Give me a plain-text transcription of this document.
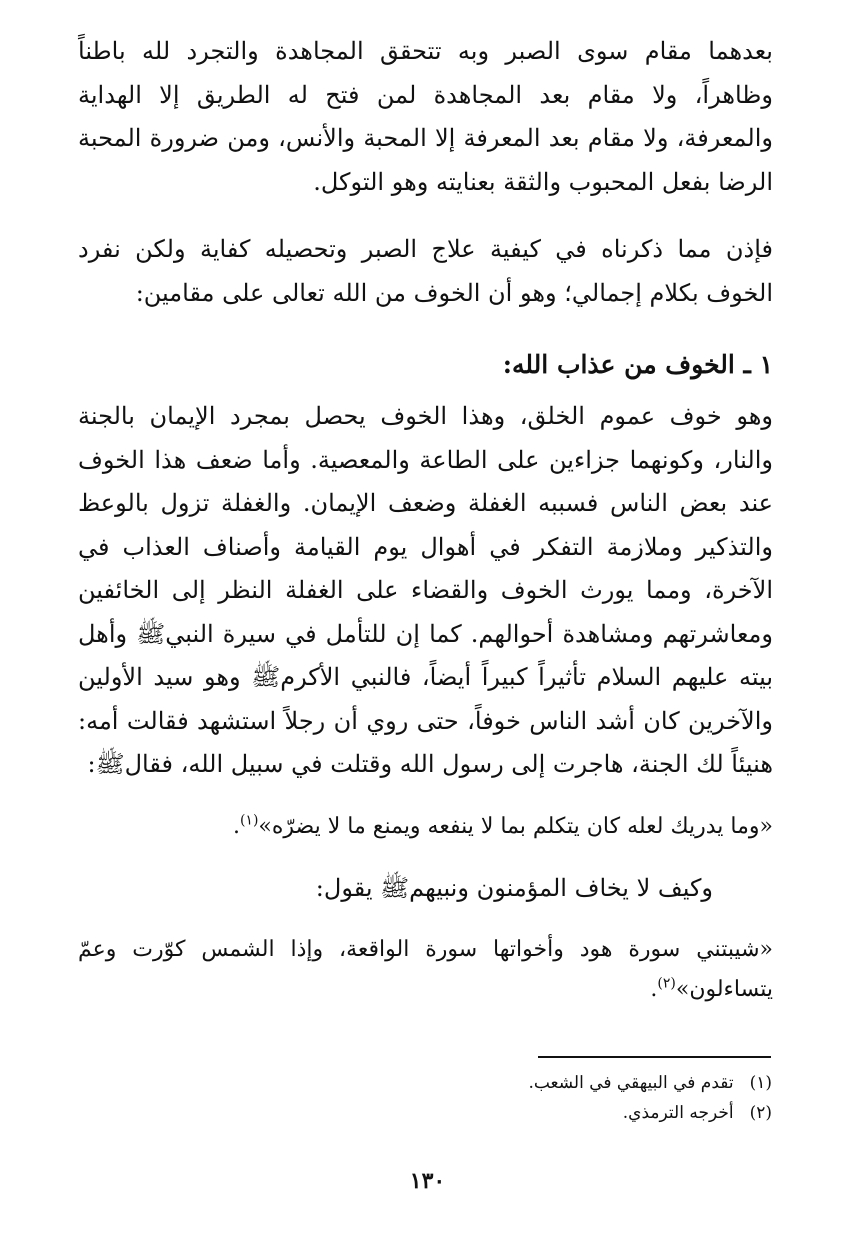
بعدهما مقام سوى الصبر وبه تتحقق المجاهدة والتجرد لله باطناً وظاهراً، ولا مقام بعد المجاهدة لمن فتح له الطريق إلا الهداية والمعرفة، ولا مقام بعد المعرفة إلا المحبة والأنس، ومن ضرورة المحبة الرضا بفعل المحبوب والثقة بعنايته وهو التوكل.

فإذن مما ذكرناه في كيفية علاج الصبر وتحصيله كفاية ولكن نفرد الخوف بكلام إجمالي؛ وهو أن الخوف من الله تعالى على مقامين:

١ ـ الخوف من عذاب الله:

وهو خوف عموم الخلق، وهذا الخوف يحصل بمجرد الإيمان بالجنة والنار، وكونهما جزاءين على الطاعة والمعصية. وأما ضعف هذا الخوف عند بعض الناس فسببه الغفلة وضعف الإيمان. والغفلة تزول بالوعظ والتذكير وملازمة التفكر في أهوال يوم القيامة وأصناف العذاب في الآخرة، ومما يورث الخوف والقضاء على الغفلة النظر إلى الخائفين ومعاشرتهم ومشاهدة أحوالهم. كما إن للتأمل في سيرة النبيﷺ وأهل بيته عليهم السلام تأثيراً كبيراً أيضاً، فالنبي الأكرمﷺ وهو سيد الأولين والآخرين كان أشد الناس خوفاً، حتى روي أن رجلاً استشهد فقالت أمه: هنيئاً لك الجنة، هاجرت إلى رسول الله وقتلت في سبيل الله، فقالﷺ:

«وما يدريك لعله كان يتكلم بما لا ينفعه ويمنع ما لا يضرّه»$^{(١)}$.

وكيف لا يخاف المؤمنون ونبيهمﷺ يقول:

«شيبتني سورة هود وأخواتها سورة الواقعة، وإذا الشمس كوّرت وعمّ يتساءلون»$^{(٢)}$.

(١)تقدم في البيهقي في الشعب.

(٢)أخرجه الترمذي.

١٣٠
